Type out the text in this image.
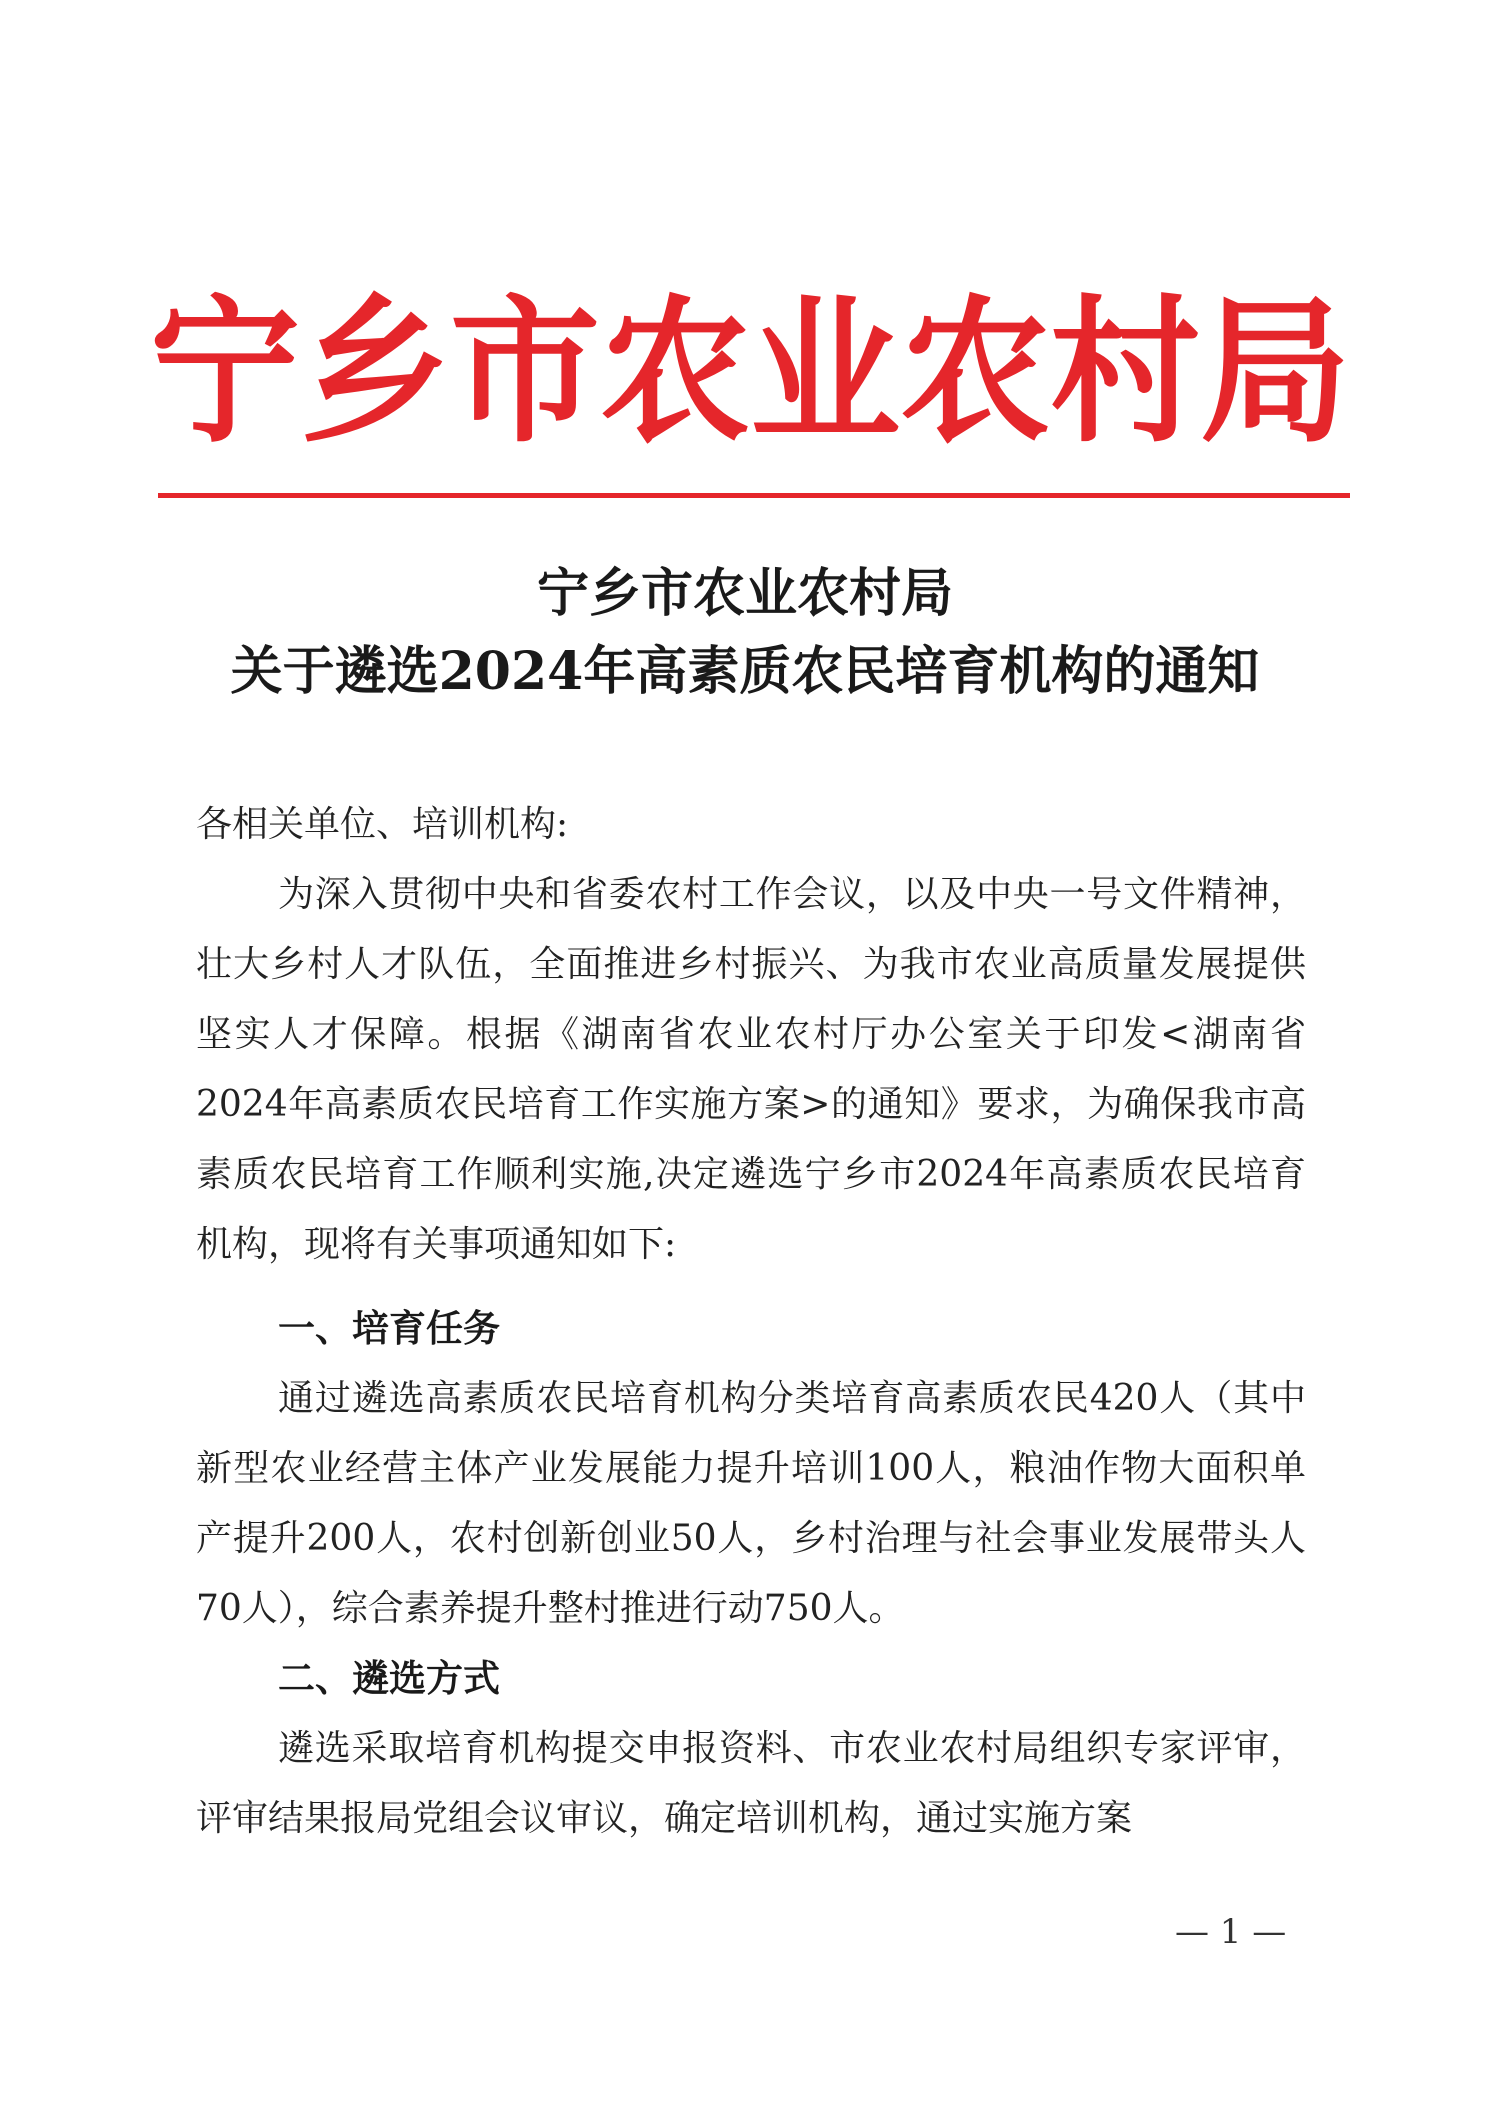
宁 乡 市 农 业 农 村 局
宁乡市农业农村局
关于遴选2024年高素质农民培育机构的通知
各相关单位、培训机构:
为深入贯彻中央和省委农村工作会议，以及中央一号文件精神，壮大乡村人才队伍，全面推进乡村振兴、为我市农业高质量发展提供坚实人才保障。根据《湖南省农业农村厅办公室关于印发<湖南省2024年高素质农民培育工作实施方案>的通知》要求，为确保我市高素质农民培育工作顺利实施,决定遴选宁乡市2024年高素质农民培育机构，现将有关事项通知如下:
一、培育任务
通过遴选高素质农民培育机构分类培育高素质农民420人（其中新型农业经营主体产业发展能力提升培训100人，粮油作物大面积单产提升200人，农村创新创业50人，乡村治理与社会事业发展带头人70人），综合素养提升整村推进行动750人。
二、遴选方式
遴选采取培育机构提交申报资料、市农业农村局组织专家评审，评审结果报局党组会议审议，确定培训机构，通过实施方案
— 1 —
